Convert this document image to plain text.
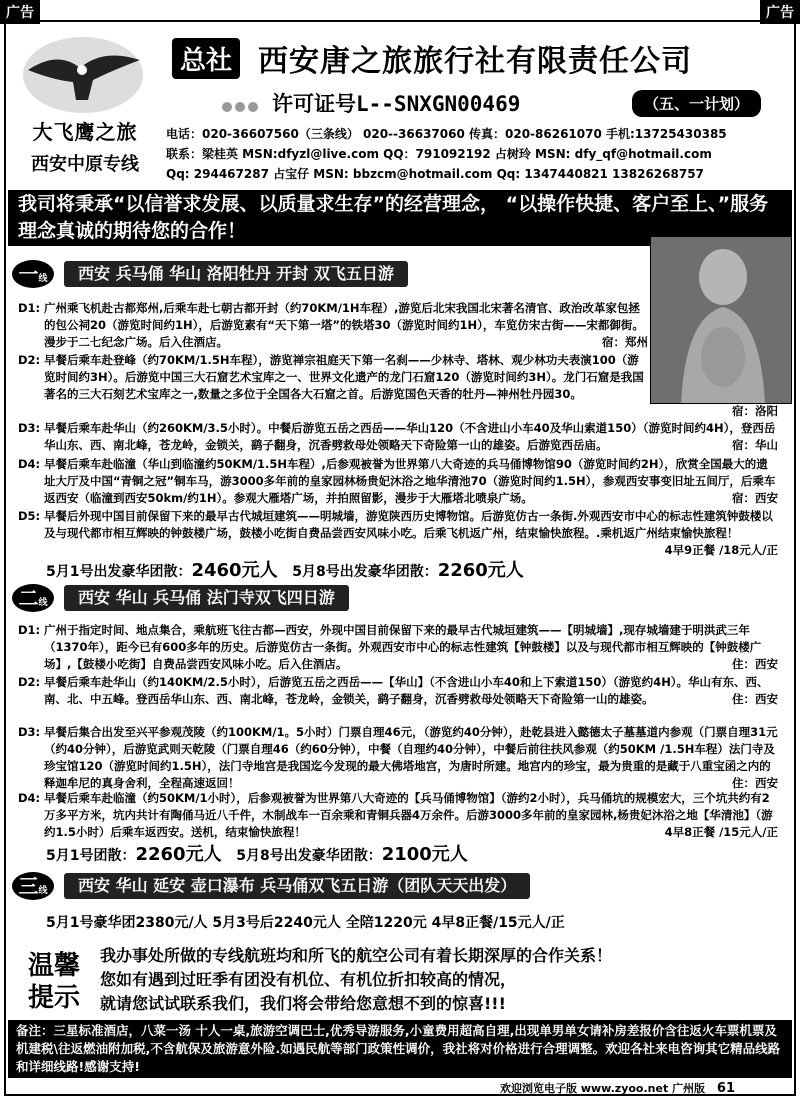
广告	广告
大飞鹰之旅
西安中原专线
总社 西安唐之旅旅行社有限责任公司
许可证号L--SNXGN00469	（五、一计划）
电话：020-36607560（三条线） 020--36637060 传真：020-86261070 手机:13725430385
联系：梁桂英 MSN:dfyzl@live.com QQ：791092192 占树玲 MSN: dfy_qf@hotmail.com
Qq: 294467287 占宝仔 MSN: bbzcm@hotmail.com Qq: 1347440821 13826268757
我司将秉承“以信誉求发展、以质量求生存”的经营理念， “以操作快捷、客户至上、”服务理念真诚的期待您的合作！
一线	西安 兵马俑 华山 洛阳牡丹 开封 双飞五日游
D1: 广州乘飞机赴古都郑州,后乘车赴七朝古都开封（约70KM/1H车程）,游览后北宋我国北宋著名清官、政治改革家包拯的包公祠20（游览时间约1H），后游览素有“天下第一塔”的铁塔30（游览时间约1H），车览仿宋古街——宋都御街。漫步于二七纪念广场。后入住酒店。	宿：郑州
D2: 早餐后乘车赴登峰（约70KM/1.5H车程），游览禅宗祖庭天下第一名刹——少林寺、塔林、观少林功夫表演100（游览时间约3H）。后游览中国三大石窟艺术宝库之一、世界文化遗产的龙门石窟120（游览时间约3H）。龙门石窟是我国著名的三大石刻艺术宝库之一,数量之多位于全国各大石窟之首。后游览国色天香的牡丹—神州牡丹园30。
宿：洛阳
D3: 早餐后乘车赴华山（约260KM/3.5小时）。中餐后游览五岳之西岳——华山120（不含进山小车40及华山索道150）（游览时间约4H），登西岳华山东、西、南北峰，苍龙岭，金锁关，鹞子翻身，沉香劈救母处领略天下奇险第一山的雄姿。后游览西岳庙。	宿：华山
D4: 早餐后乘车赴临潼（华山到临潼约50KM/1.5H车程）,后参观被誉为世界第八大奇迹的兵马俑博物馆90（游览时间约2H），欣赏全国最大的遗址大厅及中国“青铜之冠”铜车马，游3000多年前的皇家园林杨贵妃沐浴之地华清池70（游览时间约1.5H），参观西安事变旧址五间厅，后乘车返西安（临潼到西安50km/约1H）。参观大雁塔广场，并拍照留影，漫步于大雁塔北喷泉广场。	宿：西安
D5: 早餐后外现中国目前保留下来的最早古代城垣建筑——明城墙，游览陕西历史博物馆。后游览仿古一条街.外观西安市中心的标志性建筑钟鼓楼以及与现代都市相互辉映的钟鼓楼广场，鼓楼小吃街自费品尝西安风味小吃。后乘飞机返广州，结束愉快旅程。.乘机返广州结束愉快旅程！
4早9正餐 /18元人/正
5月1号出发豪华团散：2460元人 5月8号出发豪华团散：2260元人
二线	西安 华山 兵马俑 法门寺双飞四日游
D1: 广州于指定时间、地点集合，乘航班飞往古都—西安，外现中国目前保留下来的最早古代城垣建筑——【明城墙】,现存城墙建于明洪武三年（1370年），距今已有600多年的历史。后游览仿古一条街。外观西安市中心的标志性建筑【钟鼓楼】以及与现代都市相互辉映的【钟鼓楼广场】,【鼓楼小吃街】自费品尝西安风味小吃。后入住酒店。	住：西安
D2: 早餐后乘车赴华山（约140KM/2.5小时），后游览五岳之西岳——【华山】（不含进山小车40和上下索道150）（游览约4H）。华山有东、西、南、北、中五峰。登西岳华山东、西、南北峰，苍龙岭，金锁关，鹞子翻身，沉香劈救母处领略天下奇险第一山的雄姿。	住：西安
D3: 早餐后集合出发至兴平参观茂陵（约100KM/1。5小时）门票自理46元，（游览约40分钟），赴乾县进入懿德太子墓墓道内参观（门票自理31元（约40分钟），后游览武则天乾陵（门票自理46（约60分钟），中餐（自理约40分钟），中餐后前往扶风参观（约50KM /1.5H车程）法门寺及珍宝馆120（游览时间约1.5H），法门寺地宫是我国迄今发现的最大佛塔地宫，为唐时所建。地宫内的珍宝，最为贵重的是藏于八重宝函之内的释迦牟尼的真身舍利，全程高速返回！	住：西安
D4: 早餐后乘车赴临潼（约50KM/1小时），后参观被誉为世界第八大奇迹的【兵马俑博物馆】（游约2小时），兵马俑坑的规模宏大，三个坑共约有2万多平方米，坑内共计有陶俑马近八千件，木制战车一百余乘和青铜兵器4万余件。后游3000多年前的皇家园林,杨贵妃沐浴之地【华清池】（游约1.5小时）后乘车返西安。送机，结束愉快旅程！	4早8正餐 /15元人/正
5月1号团散：2260元人 5月8号出发豪华团散：2100元人
三线	西安 华山 延安 壶口瀑布 兵马俑双飞五日游（团队天天出发）
5月1号豪华团2380元/人 5月3号后2240元人 全陪1220元 4早8正餐/15元人/正
温馨提示
我办事处所做的专线航班均和所飞的航空公司有着长期深厚的合作关系！
您如有遇到过旺季有团没有机位、有机位折扣较高的情况，
就请您试试联系我们，我们将会带给您意想不到的惊喜!!!
备注：三星标准酒店，八菜一汤 十人一桌,旅游空调巴士,优秀导游服务,小童费用超高自理,出现单男单女请补房差报价含往返火车票机票及机建税\往返燃油附加税,不含航保及旅游意外险.如遇民航等部门政策性调价，我社将对价格进行合理调整。欢迎各社来电咨询其它精品线路和详细线路!感谢支持!
欢迎浏览电子版 www.zyoo.net 广州版 61
